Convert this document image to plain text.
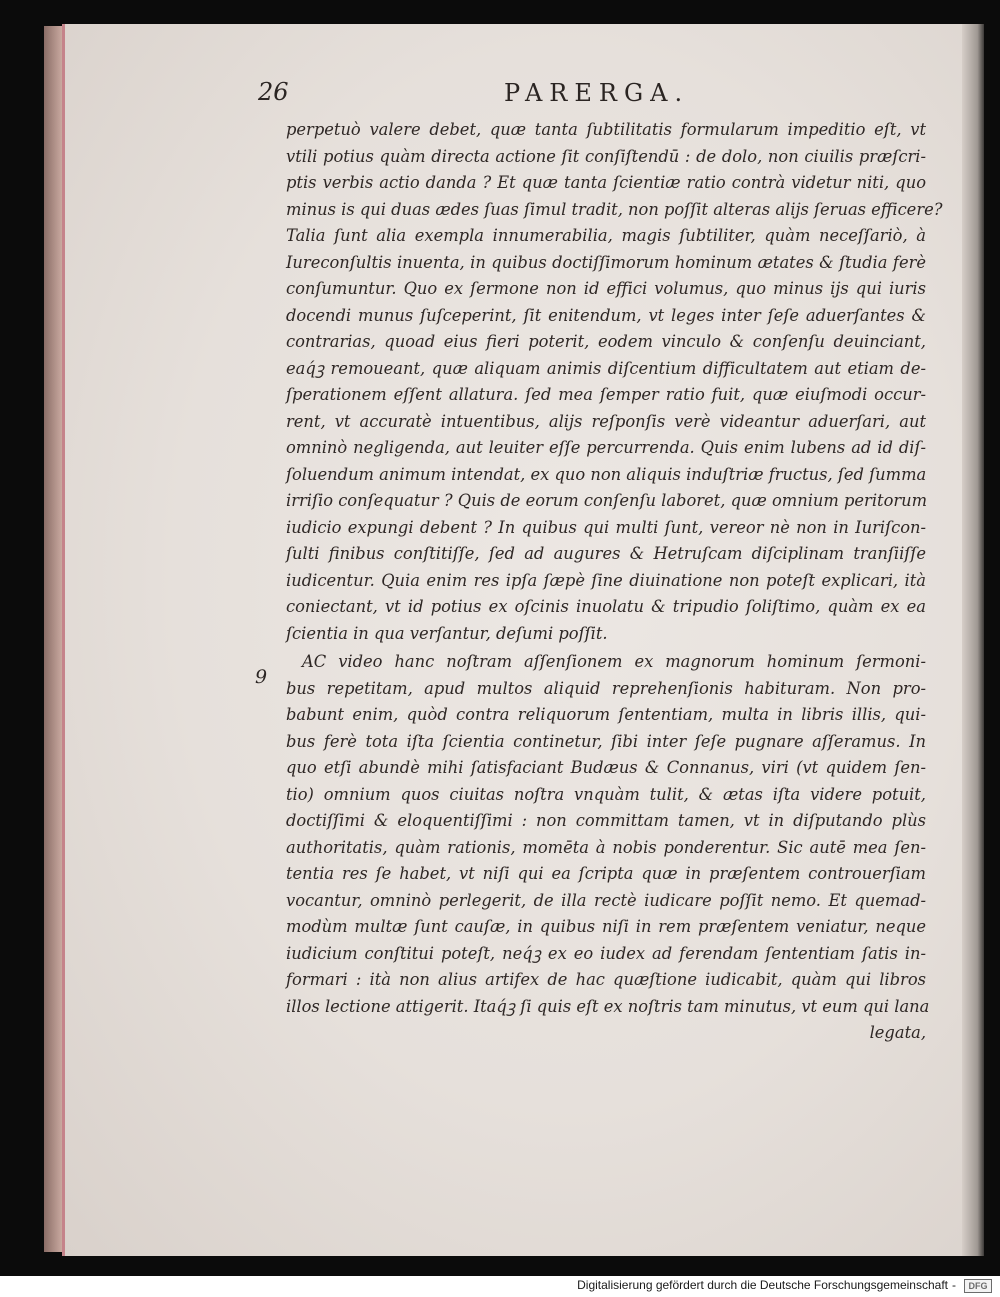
26	PARERGA.
9
perpetuò valere debet, quæ tanta ſubtilitatis formularum impeditio eſt, vt
vtili potius quàm directa actione ſit conſiſtendū : de dolo, non ciuilis præſcri-
ptis verbis actio danda ? Et quæ tanta ſcientiæ ratio contrà videtur niti, quo
minus is qui duas ædes ſuas ſimul tradit, non poſſit alteras alijs ſeruas efficere?
Talia ſunt alia exempla innumerabilia, magis ſubtiliter, quàm neceſſariò, à
Iureconſultis inuenta, in quibus doctiſſimorum hominum ætates & ſtudia ferè
conſumuntur. Quo ex ſermone non id effici volumus, quo minus ijs qui iuris
docendi munus ſuſceperint, ſit enitendum, vt leges inter ſeſe aduerſantes &
contrarias, quoad eius fieri poterit, eodem vinculo & conſenſu deuinciant,
eaq́ꝫ remoueant, quæ aliquam animis diſcentium difficultatem aut etiam de-
ſperationem eſſent allatura. ſed mea ſemper ratio fuit, quæ eiuſmodi occur-
rent, vt accuratè intuentibus, alijs reſponſis verè videantur aduerſari, aut
omninò negligenda, aut leuiter eſſe percurrenda. Quis enim lubens ad id diſ-
ſoluendum animum intendat, ex quo non aliquis induſtriæ fructus, ſed ſumma
irriſio conſequatur ? Quis de eorum conſenſu laboret, quæ omnium peritorum
iudicio expungi debent ? In quibus qui multi ſunt, vereor nè non in Iuriſcon-
ſulti finibus conſtitiſſe, ſed ad augures & Hetruſcam diſciplinam tranſiiſſe
iudicentur. Quia enim res ipſa ſæpè ſine diuinatione non poteſt explicari, ità
coniectant, vt id potius ex oſcinis inuolatu & tripudio ſoliſtimo, quàm ex ea
ſcientia in qua verſantur, deſumi poſſit.
AC video hanc noſtram aſſenſionem ex magnorum hominum ſermoni-
bus repetitam, apud multos aliquid reprehenſionis habituram. Non pro-
babunt enim, quòd contra reliquorum ſententiam, multa in libris illis, qui-
bus ferè tota iſta ſcientia continetur, ſibi inter ſeſe pugnare aſſeramus. In
quo etſi abundè mihi ſatisfaciant Budæus & Connanus, viri (vt quidem ſen-
tio) omnium quos ciuitas noſtra vnquàm tulit, & ætas iſta videre potuit,
doctiſſimi & eloquentiſſimi : non committam tamen, vt in diſputando plùs
authoritatis, quàm rationis, momēta à nobis ponderentur. Sic autē mea ſen-
tentia res ſe habet, vt niſi qui ea ſcripta quæ in præſentem controuerſiam
vocantur, omninò perlegerit, de illa rectè iudicare poſſit nemo. Et quemad-
modùm multæ ſunt cauſæ, in quibus niſi in rem præſentem veniatur, neque
iudicium conſtitui poteſt, neq́ꝫ ex eo iudex ad ferendam ſententiam ſatis in-
formari : ità non alius artifex de hac quæſtione iudicabit, quàm qui libros
illos lectione attigerit. Itaq́ꝫ ſi quis eſt ex noſtris tam minutus, vt eum qui lana
legata,
Digitalisierung gefördert durch die Deutsche Forschungsgemeinschaft -	DFG
